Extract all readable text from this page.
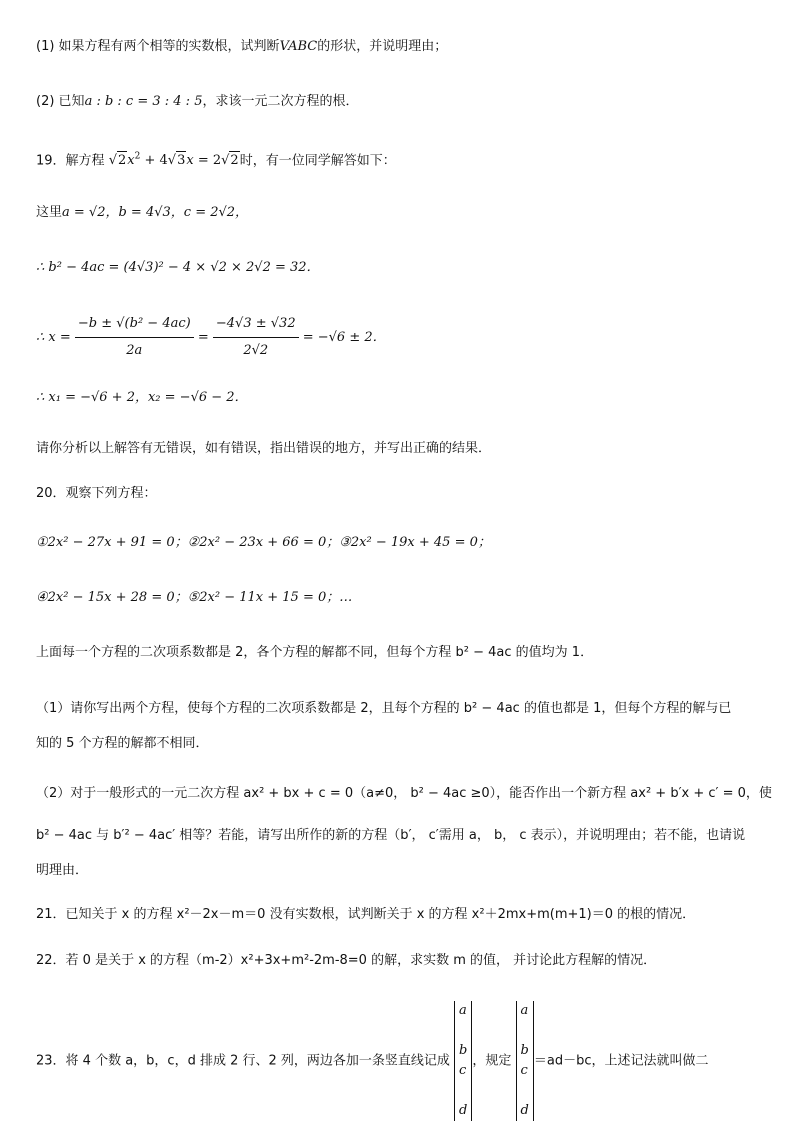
(1) 如果方程有两个相等的实数根，试判断VABC的形状，并说明理由；
(2) 已知a : b : c = 3 : 4 : 5，求该一元二次方程的根．
19．解方程 $√2x^2 + 4√3x = 2√2$时，有一位同学解答如下：
这里a = √2，b = 4√3，c = 2√2，
∴ b² − 4ac = (4√3)² − 4 × √2 × 2√2 = 32．
∴ $x = \frac{\text{−b ± √(b² − 4ac)}}{2a} = \frac{-4√3 \pm √32}{2√2} = -√6 \pm 2$．
∴ x₁ = −√6 + 2，x₂ = −√6 − 2．
请你分析以上解答有无错误，如有错误，指出错误的地方，并写出正确的结果．
20．观察下列方程：
①2x² − 27x + 91 = 0；②2x² − 23x + 66 = 0；③2x² − 19x + 45 = 0；
④2x² − 15x + 28 = 0；⑤2x² − 11x + 15 = 0；…
上面每一个方程的二次项系数都是 2，各个方程的解都不同，但每个方程 b² − 4ac 的值均为 1．
（1）请你写出两个方程，使每个方程的二次项系数都是 2，且每个方程的 b² − 4ac 的值也都是 1，但每个方程的解与已
知的 5 个方程的解都不相同．
（2）对于一般形式的一元二次方程 ax² + bx + c = 0（a≠0， b² − 4ac ≥0），能否作出一个新方程 ax² + b′x + c′ = 0，使
b² − 4ac 与 b′² − 4ac′ 相等？若能，请写出所作的新的方程（b′， c′需用 a， b， c 表示），并说明理由；若不能，也请说
明理由．
21．已知关于 x 的方程 x²－2x－m＝0 没有实数根，试判断关于 x 的方程 x²＋2mx+m(m+1)＝0 的根的情况．
22．若 0 是关于 x 的方程（m-2）x²+3x+m²-2m-8=0 的解，求实数 m 的值， 并讨论此方程解的情况．
23．将 4 个数 a，b，c，d 排成 2 行、2 列，两边各加一条竖直线记成
a

b
c

d
，规定
a

b
c

d
＝ad－bc，上述记法就叫做二
